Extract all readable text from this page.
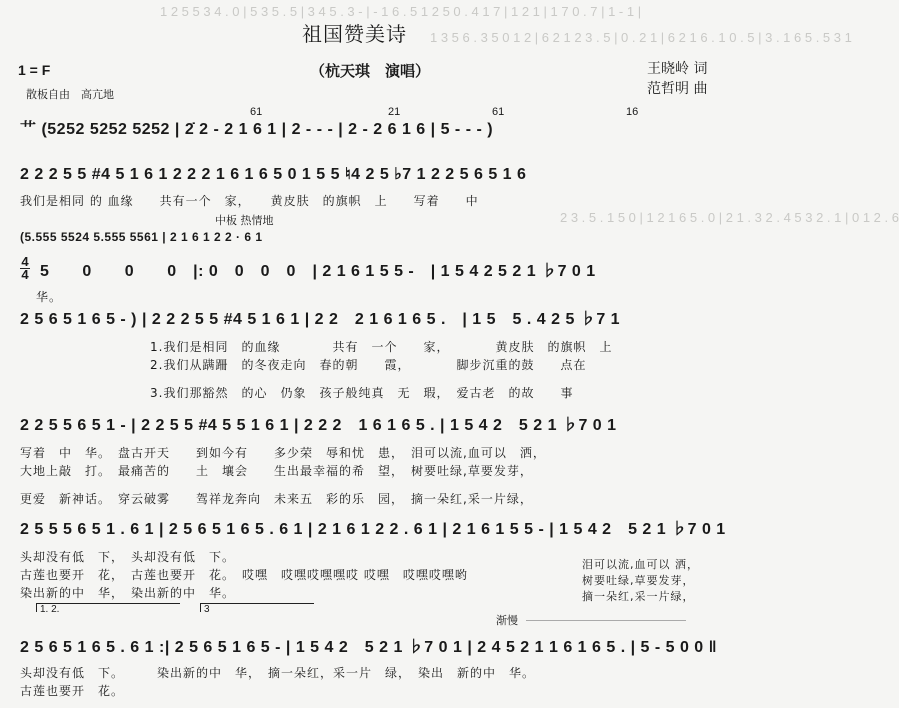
1 2 5 5 3 4 . 0 | 5 3 5 . 5 | 3 4 5 . 3 - | - 1 6 . 5 1 2 5 0 . 4 1 7 | 1 2 1 | 1 7 0 . 7 | 1 - 1 |
1 3 5 6 . 3 5 0 1 2 | 6 2 1 2 3 . 5 | 0 . 2 1 | 6 2 1 6 . 1 0 . 5 | 3 . 1 6 5 . 5 3 1
2 3 . 5 . 1 5 0 | 1 2 1 6 5 . 0 | 2 1 . 3 2 . 4 5 3 2 . 1 | 0 1 2 . 6
祖国赞美诗
（杭天琪　演唱）	王晓岭 词
范哲明 曲
1 = F
散板自由　高亢地
61	21	61	16
艹 (5252 5252 5252 | 2̇ 2 - 2 1 6 1 | 2 - - - | 2 - 2 6 1 6 | 5 - - - )
2 2 2 5 5 #4 5 1 6 1 2 2 2 1 6 1 6 5 0 1 5 5 ♮4 2 5 ♭7 1 2 2 5 6 5 1 6
我们是相同 的 血缘　　共有一个　家，　　黄皮肤　的旗帜　上　　写着　　中
中板 热情地
(5.555 5524 5.555 5561 | 2 1 6 1 2 2 · 6 1
4
4 5　　0　　0　　0　|: 0　0　0　0　| 2 1 6 1 5 5 -　| 1 5 4 2 5 2 1 ♭7 0 1
华。
2 5 6 5 1 6 5 - ) | 2 2 2 5 5 #4 5 1 6 1 | 2 2　2 1 6 1 6 5 .　| 1 5　5 . 4 2 5 ♭7 1
1.我们是相同　的血缘　　　　共有　一个　　家，　　　　黄皮肤　的旗帜　上
2.我们从蹒跚　的冬夜走向　春的朝　　霞，　　　　脚步沉重的鼓　　点在
3.我们那豁然　的心　仍象　孩子般纯真　无　瑕，　爱古老　的故　　事
2 2 5 5 6 5 1 - | 2 2 5 5 #4 5 5 1 6 1 | 2 2 2　1 6 1 6 5 . | 1 5 4 2　5 2 1 ♭7 0 1
写着　中　华。　盘古开天　　到如今有　　多少荣　辱和忧　患，　泪可以流,血可以　洒，
大地上敲　打。　最痛苦的　　土　壤会　　生出最幸福的希　望，　树要吐绿,草要发芽，
更爱　新神话。　穿云破雾　　驾祥龙奔向　未来五　彩的乐　园，　摘一朵红,采一片绿，
2 5 5 5 6 5 1 . 6 1 | 2 5 6 5 1 6 5 . 6 1 | 2 1 6 1 2 2 . 6 1 | 2 1 6 1 5 5 - | 1 5 4 2　5 2 1 ♭7 0 1
头却没有低　下，　头却没有低　下。
古莲也要开　花，　古莲也要开　花。　哎嘿　哎嘿哎嘿嘿哎 哎嘿　哎嘿哎嘿哟
染出新的中　华，　染出新的中　华。
泪可以流,血可以 洒，
树要吐绿,草要发芽，
摘一朵红,采一片绿，
1. 2.	3
渐慢
2 5 6 5 1 6 5 . 6 1 :| 2 5 6 5 1 6 5 - | 1 5 4 2　5 2 1 ♭7 0 1 | 2 4 5 2 1 1 6 1 6 5 . | 5 - 5 0 0 ‖
头却没有低　下。　　　染出新的中　华，　摘一朵红，采一片　绿，　染出　新的中　华。
古莲也要开　花。
